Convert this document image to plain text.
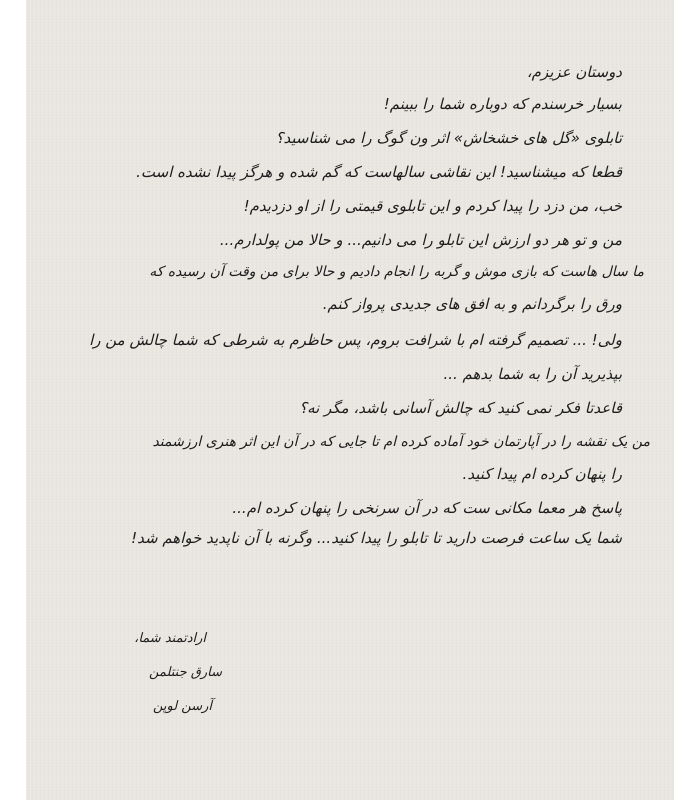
دوستان عزیزم،
بسیار خرسندم که دوباره شما را ببینم!
تابلوی «گل های خشخاش» اثر ون گوگ را می شناسید؟
قطعا که میشناسید! این نقاشی سالهاست که گم شده و هرگز پیدا نشده است.
خب، من دزد را پیدا کردم و این تابلوی قیمتی را از او دزدیدم!
من و تو هر دو ارزش این تابلو را می دانیم... و حالا من پولدارم...
ما سال هاست که بازی موش و گربه را انجام دادیم و حالا برای من وقت آن رسیده که
ورق را برگردانم و به افق های جدیدی پرواز کنم.
ولی! ... تصمیم گرفته ام با شرافت بروم، پس حاظرم به شرطی که شما چالش من را
بپذیرید آن را به شما بدهم ...
قاعدتا فکر نمی کنید که چالش آسانی باشد، مگر نه؟
من یک نقشه را در آپارتمان خود آماده کرده ام تا جایی که در آن این اثر هنری ارزشمند
را پنهان کرده ام پیدا کنید.
پاسخ هر معما مکانی ست که در آن سرنخی را پنهان کرده ام...
شما یک ساعت فرصت دارید تا تابلو را پیدا کنید... وگرنه با آن ناپدید خواهم شد!
ارادتمند شما،
سارق جنتلمن
آرسن لوپن
